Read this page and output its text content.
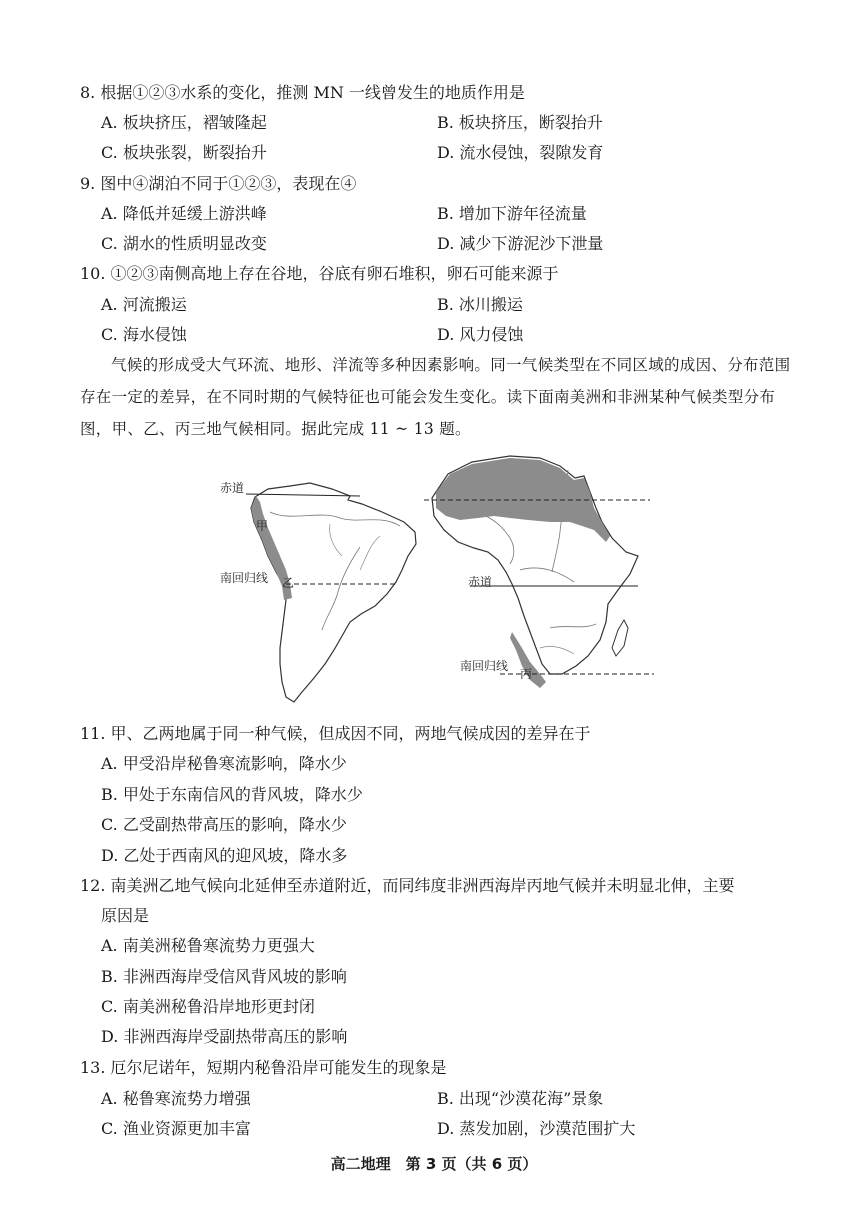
8. 根据①②③水系的变化，推测 MN 一线曾发生的地质作用是
A. 板块挤压，褶皱隆起	B. 板块挤压，断裂抬升
C. 板块张裂，断裂抬升	D. 流水侵蚀，裂隙发育
9. 图中④湖泊不同于①②③，表现在④
A. 降低并延缓上游洪峰	B. 增加下游年径流量
C. 湖水的性质明显改变	D. 减少下游泥沙下泄量
10. ①②③南侧高地上存在谷地，谷底有卵石堆积，卵石可能来源于
A. 河流搬运	B. 冰川搬运
C. 海水侵蚀	D. 风力侵蚀
气候的形成受大气环流、地形、洋流等多种因素影响。同一气候类型在不同区域的成因、分布范围存在一定的差异，在不同时期的气候特征也可能会发生变化。读下面南美洲和非洲某种气候类型分布图，甲、乙、丙三地气候相同。据此完成 11 ~ 13 题。
赤道
南回归线
甲
乙	赤道
南回归线
丙
11. 甲、乙两地属于同一种气候，但成因不同，两地气候成因的差异在于
A. 甲受沿岸秘鲁寒流影响，降水少
B. 甲处于东南信风的背风坡，降水少
C. 乙受副热带高压的影响，降水少
D. 乙处于西南风的迎风坡，降水多
12. 南美洲乙地气候向北延伸至赤道附近，而同纬度非洲西海岸丙地气候并未明显北伸，主要
原因是
A. 南美洲秘鲁寒流势力更强大
B. 非洲西海岸受信风背风坡的影响
C. 南美洲秘鲁沿岸地形更封闭
D. 非洲西海岸受副热带高压的影响
13. 厄尔尼诺年，短期内秘鲁沿岸可能发生的现象是
A. 秘鲁寒流势力增强	B. 出现“沙漠花海”景象
C. 渔业资源更加丰富	D. 蒸发加剧，沙漠范围扩大
高二地理　第 3 页（共 6 页）
